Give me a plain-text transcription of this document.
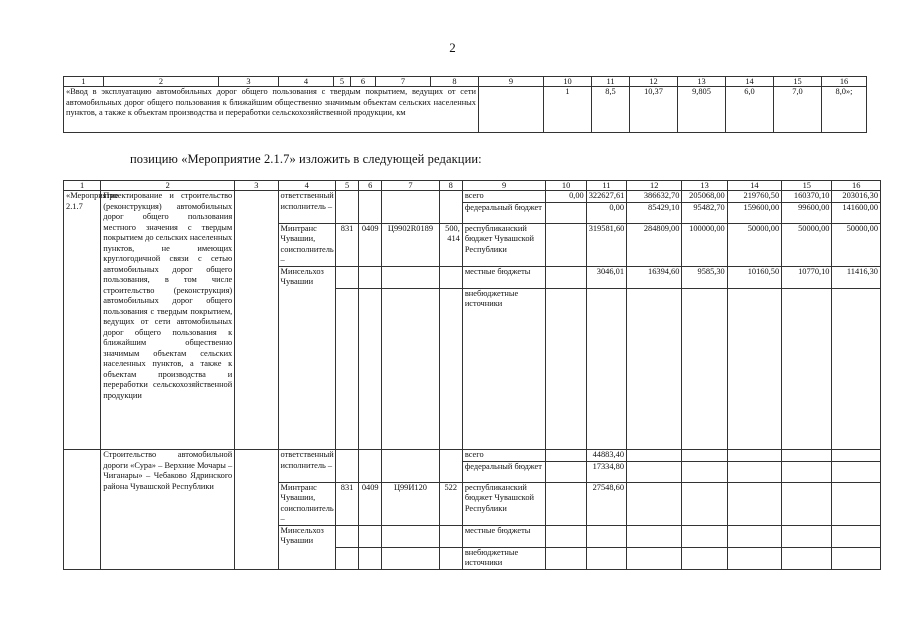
2
1	2	3	4	5	6	7	8	9	10	11	12	13	14	15	16
«Ввод в эксплуатацию автомобильных дорог общего пользования с твердым покрытием, ведущих от сети автомобильных дорог общего пользования к ближайшим общественно значимым объектам сельских населенных пунктов, а также к объектам производства и переработки сельскохозяйственной продукции, км									1	8,5	10,37	9,805	6,0	7,0	8,0»;
позицию «Мероприятие 2.1.7» изложить в следующей редакции:
1	2	3	4	5	6	7	8	9	10	11	12	13	14	15	16
«Мероприятие 2.1.7	Проектирование и строительство (реконструкция) автомобильных дорог общего пользования местного значения с твердым покрытием до сельских населенных пунктов, не имеющих круглогодичной связи с сетью автомобильных дорог общего пользования, в том числе строительство (реконструкция) автомобильных дорог общего пользования с твердым покрытием, ведущих от сети автомобильных дорог общего пользования к ближайшим общественно значимым объектам сельских населенных пунктов, а также к объектам производства и переработки сельскохозяйственной продукции		ответственный исполнитель –					всего	0,00	322627,61	386632,70	205068,00	219760,50	160370,10	203016,30
								федеральный бюджет		0,00	85429,10	95482,70	159600,00	99600,00	141600,00
			Минтранс Чувашии, соисполнитель –	831	0409	Ц9902R0189	500, 414	республиканский бюджет Чувашской Республики		319581,60	284809,00	100000,00	50000,00	50000,00	50000,00
			Минсельхоз Чувашии					местные бюджеты		3046,01	16394,60	9585,30	10160,50	10770,10	11416,30
								внебюджетные источники							

	Строительство автомобильной дороги «Сура» – Верхние Мочары – Чиганары» – Чебаково Ядринского района Чувашской Республики		ответственный исполнитель –					всего		44883,40					
								федеральный бюджет		17334,80					
			Минтранс Чувашии, соисполнитель –	831	0409	Ц99И120	522	республиканский бюджет Чувашской Республики		27548,60					
			Минсельхоз Чувашии					местные бюджеты							
								внебюджетные источники							
